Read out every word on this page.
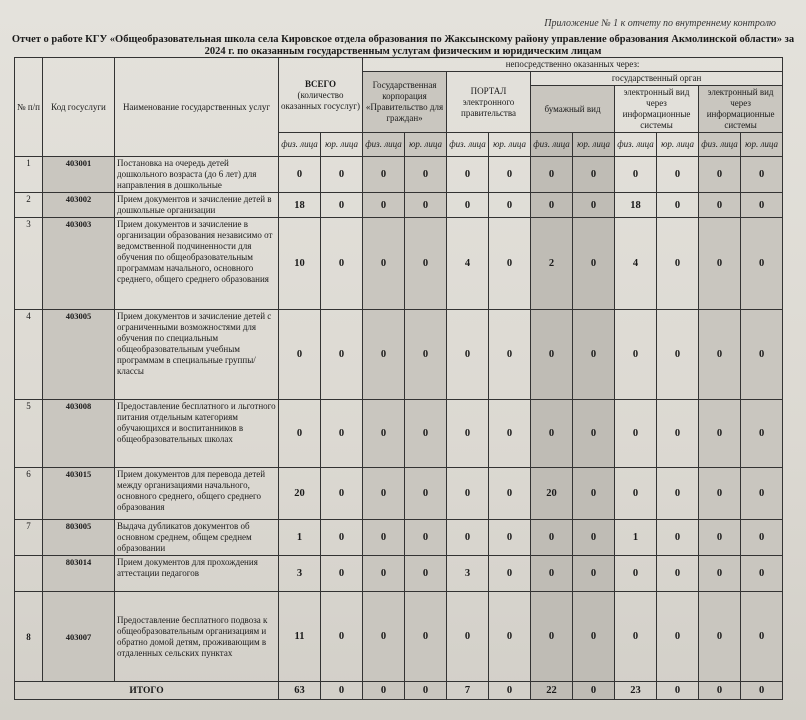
Приложение № 1 к отчету по внутреннему контролю
Отчет о работе КГУ «Общеобразовательная школа села Кировское отдела образования по Жаксынскому району управление образования Акмолинской области» за
2024 г. по оказанным государственным услугам физическим и юридическим лицам
№ п/п	Код госуслуги	Наименование государственных услуг	ВСЕГО
(количество оказанных госуслуг)		непосредственно оказанных через:									
					Государственная корпорация «Правительство для граждан»		ПОРТАЛ электронного правительства		государственный орган					
									бумажный вид		электронный вид через информационные системы		электронный вид через информационные системы	
			физ. лица	юр. лица	физ. лица	юр. лица	физ. лица	юр. лица	физ. лица	юр. лица	физ. лица	юр. лица	физ. лица	юр. лица
1	403001	Постановка на очередь детей дошкольного возраста (до 6 лет) для направления в дошкольные	0	0	0	0	0	0	0	0	0	0	0	0
2	403002	Прием документов и зачисление детей в дошкольные организации	18	0	0	0	0	0	0	0	18	0	0	0
3	403003	Прием документов и зачисление в организации образования независимо от ведомственной подчиненности для обучения по общеобразовательным программам начального, основного среднего, общего среднего образования	10	0	0	0	4	0	2	0	4	0	0	0
4	403005	Прием документов и зачисление детей с ограниченными возможностями для обучения по специальным общеобразовательным учебным программам в специальные группы/классы	0	0	0	0	0	0	0	0	0	0	0	0
5	403008	Предоставление бесплатного и льготного питания отдельным категориям обучающихся и воспитанников в общеобразовательных школах	0	0	0	0	0	0	0	0	0	0	0	0
6	403015	Прием документов для перевода детей между организациями начального, основного среднего, общего среднего образования	20	0	0	0	0	0	20	0	0	0	0	0
7	803005	Выдача дубликатов документов об основном среднем, общем среднем образовании	1	0	0	0	0	0	0	0	1	0	0	0
	803014	Прием документов для прохождения аттестации педагогов	3	0	0	0	3	0	0	0	0	0	0	0
8	403007	Предоставление бесплатного подвоза к общеобразовательным организациям и обратно домой детям, проживающим в отдаленных сельских пунктах	11	0	0	0	0	0	0	0	0	0	0	0
ИТОГО			63	0	0	0	7	0	22	0	23	0	0	0
